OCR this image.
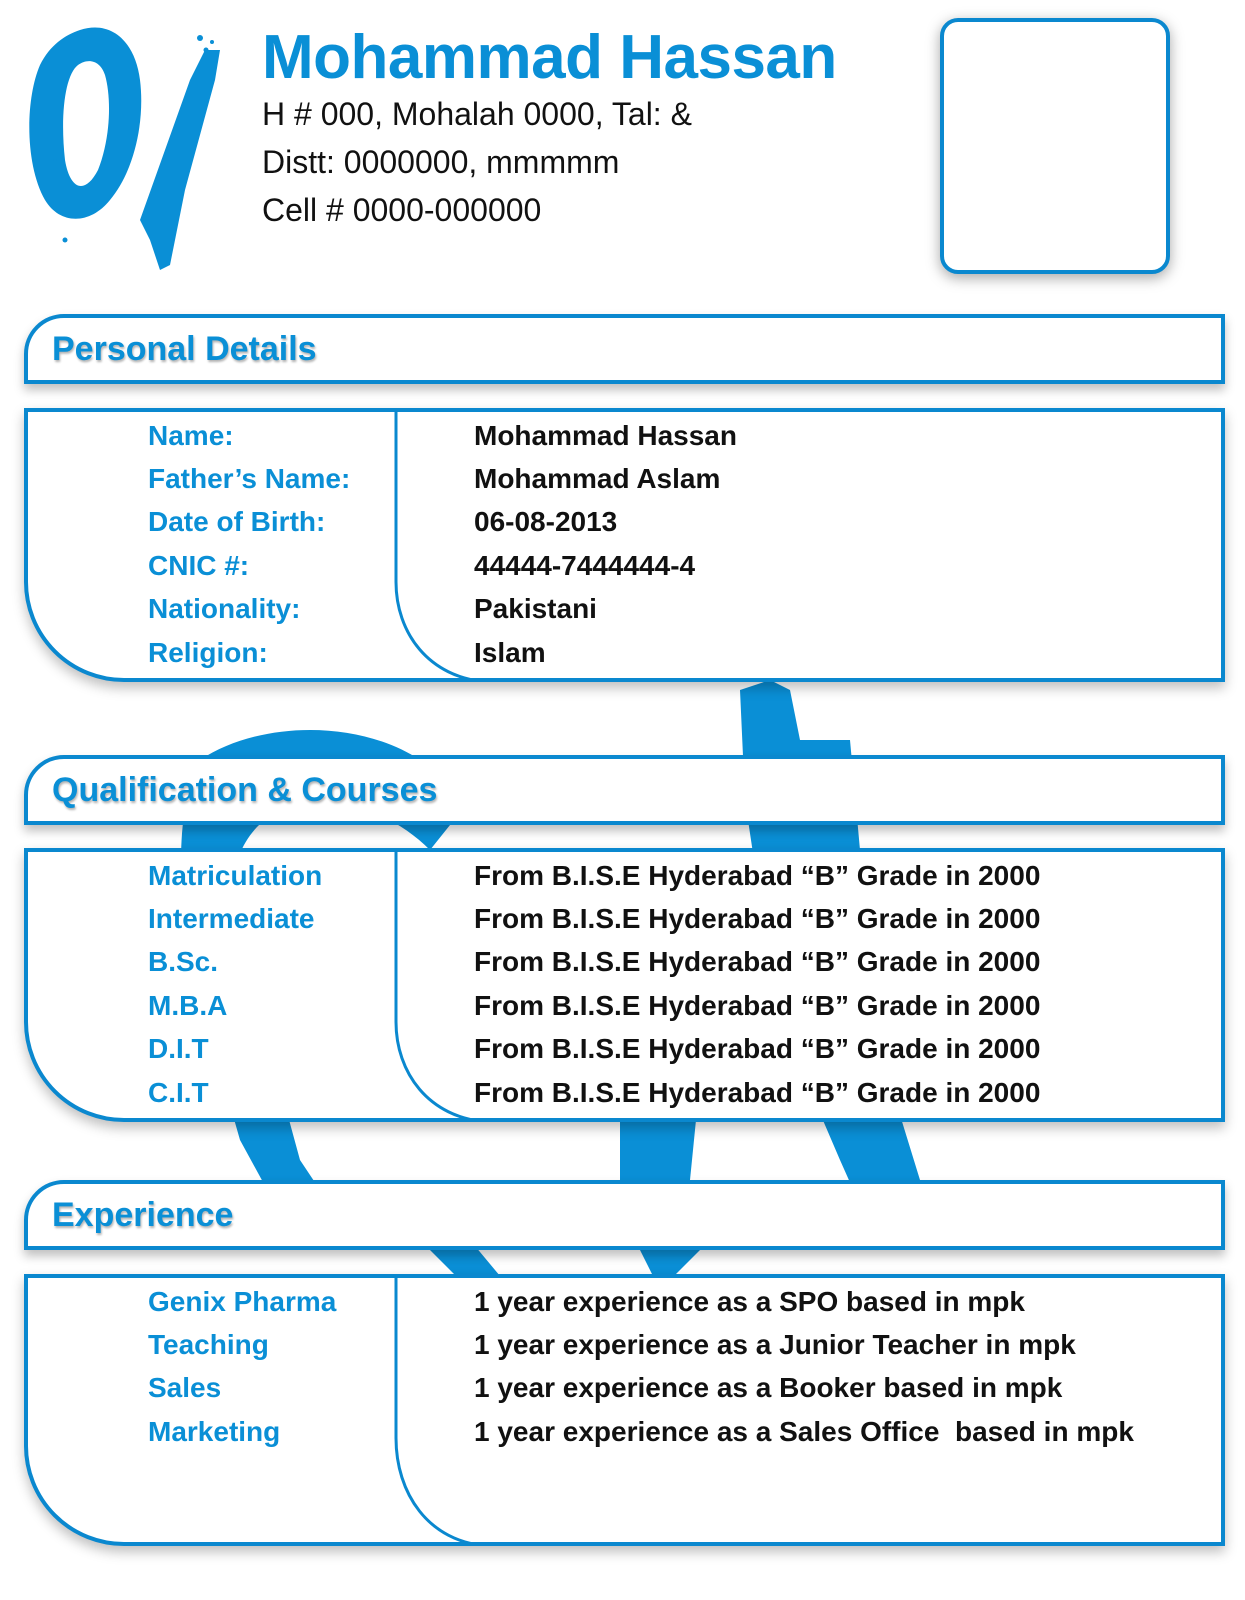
Mohammad Hassan
H # 000, Mohalah 0000, Tal: &
Distt: 0000000, mmmmm
Cell # 0000-000000
Personal Details
Name:	Mohammad Hassan
Father’s Name:	Mohammad Aslam
Date of Birth:	06-08-2013
CNIC #:	44444-7444444-4
Nationality:	Pakistani
Religion:	Islam
Qualification & Courses
Matriculation	From B.I.S.E Hyderabad “B” Grade in 2000
Intermediate	From B.I.S.E Hyderabad “B” Grade in 2000
B.Sc.	From B.I.S.E Hyderabad “B” Grade in 2000
M.B.A	From B.I.S.E Hyderabad “B” Grade in 2000
D.I.T	From B.I.S.E Hyderabad “B” Grade in 2000
C.I.T	From B.I.S.E Hyderabad “B” Grade in 2000
Experience
Genix Pharma	1 year experience as a SPO based in mpk
Teaching	1 year experience as a Junior Teacher in mpk
Sales	1 year experience as a Booker based in mpk
Marketing	1 year experience as a Sales Office  based in mpk
